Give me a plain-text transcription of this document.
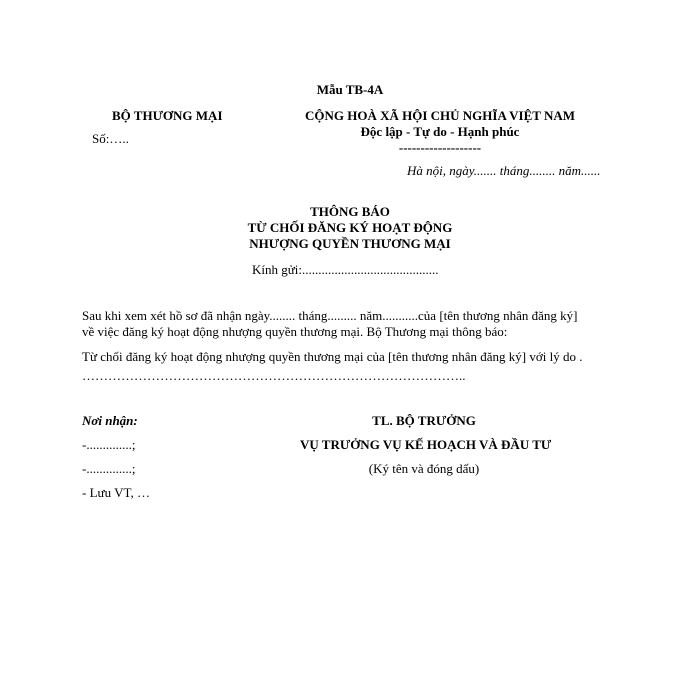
Mẫu TB-4A
BỘ THƯƠNG MẠI
Số:…..
CỘNG HOÀ XÃ HỘI CHỦ NGHĨA VIỆT NAM
Độc lập - Tự do - Hạnh phúc
-------------------
Hà nội, ngày....... tháng........ năm......
THÔNG BÁO
TỪ CHỐI ĐĂNG KÝ HOẠT ĐỘNG
NHƯỢNG QUYỀN THƯƠNG MẠI
Kính gửi:..........................................
Sau khi xem xét hồ sơ đã nhận ngày........ tháng......... năm...........của [tên thương nhân đăng ký]
về việc đăng ký hoạt động nhượng quyền thương mại. Bộ Thương mại thông báo:
Từ chối đăng ký hoạt động nhượng quyền thương mại của [tên thương nhân đăng ký] với lý do .
……………………………………………………………………………..
Nơi nhận:
-..............;
-..............;
- Lưu VT, …
TL. BỘ TRƯỞNG
VỤ TRƯỞNG VỤ KẾ HOẠCH VÀ ĐẦU TƯ
(Ký tên và đóng dấu)
